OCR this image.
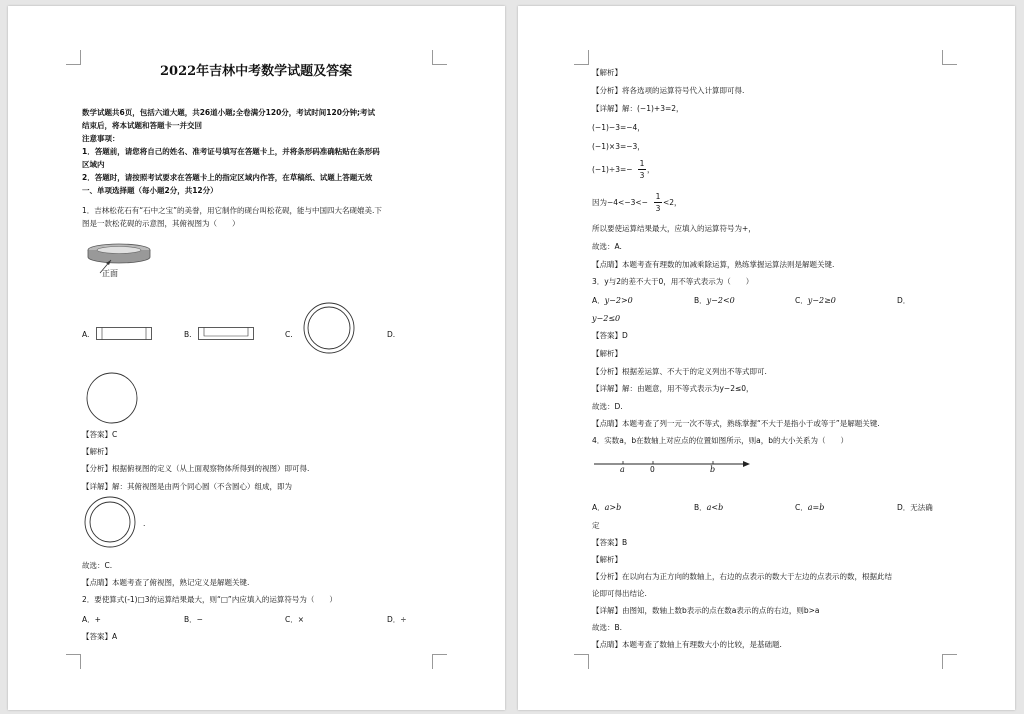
2022年吉林中考数学试题及答案
数学试题共6页，包括六道大题，共26道小题;全卷满分120分，考试时间120分钟;考试
结束后，将本试题和答题卡一并交回
注意事项：
1．答题前，请您将自己的姓名、准考证号填写在答题卡上，并将条形码准确粘贴在条形码
区域内
2．答题时，请按照考试要求在答题卡上的指定区域内作答，在草稿纸、试题上答题无效
一、单项选择题（每小题2分，共12分）
1．吉林松花石有“石中之宝”的美誉，用它制作的砚台叫松花砚，能与中国四大名砚媲美.下
图是一款松花砚的示意图，其俯视图为（　　）
正面
A.	B.	C.	D.
【答案】C
【解析】
【分析】根据俯视图的定义（从上面观察物体所得到的视图）即可得.
【详解】解：其俯视图是由两个同心圆（不含圆心）组成，即为
.
故选：C.
【点睛】本题考查了俯视图，熟记定义是解题关键.
2．要使算式(-1)□3的运算结果最大，则“□”内应填入的运算符号为（　　）
A．+	B．−	C．×	D．÷
【答案】A
【解析】
【分析】将各选项的运算符号代入计算即可得.
【详解】解：(−1)+3=2，
(−1)−3=−4，
(−1)×3=−3，
(−1)÷3=−
1
3
，
因为−4<−3<−
1
3
<2，
所以要使运算结果最大，应填入的运算符号为+，
故选：A.
【点睛】本题考查有理数的加减乘除运算，熟练掌握运算法则是解题关键.
3．y与2的差不大于0，用不等式表示为（　　）
A．y−2>0	B．y−2<0	C．y−2≥0	D．
y−2≤0
【答案】D
【解析】
【分析】根据差运算、不大于的定义列出不等式即可.
【详解】解：由题意，用不等式表示为y−2≤0，
故选：D.
【点睛】本题考查了列一元一次不等式，熟练掌握“不大于是指小于或等于”是解题关键.
4．实数a，b在数轴上对应点的位置如图所示，则a，b的大小关系为（　　）
a	0	b
A．a>b	B．a<b	C．a=b	D．无法确
定
【答案】B
【解析】
【分析】在以向右为正方向的数轴上，右边的点表示的数大于左边的点表示的数，根据此结
论即可得出结论.
【详解】由图知，数轴上数b表示的点在数a表示的点的右边，则b>a
故选：B.
【点睛】本题考查了数轴上有理数大小的比较，是基础题.
